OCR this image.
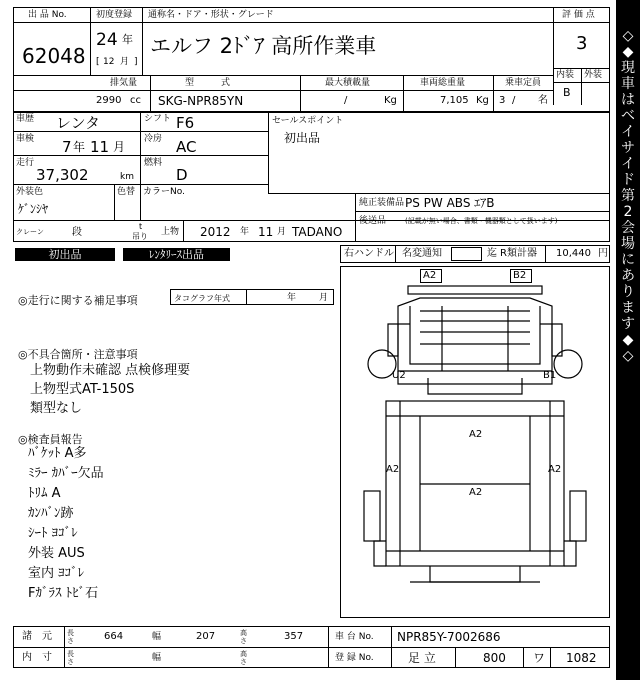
出 品 No.
62048
初度登録
24 年
[ 12 月 ]
通称名・ドア・形状・グレード
エルフ 2ﾄﾞｱ 高所作業車
評 価 点
3
内装 外装
B
排気量
2990 cc
型　　　式
SKG-NPR85YN
最大積載量
/	Kg
車両総重量
7,105 Kg
乗車定員
3 / 名
車歴 レンタ	シフト F6
車検 7 年 11 月
冷房 AC
走行
37,302	km
燃料
D
外装色
ｹﾞﾝｼﾔ
色替 カラーNo.
セールスポイント
初出品
純正装備品 PS PW ABS ｴｱB
後送品	(記載が無い場合、書類・機器類として扱います)
クレーン	段
t
吊り 上物 2012 年 11 月 TADANO
初出品	ﾚﾝﾀﾘｰｽ出品	右ハンドル 名変通知	迄 R類計器 10,440 円
◎走行に関する補足事項	タコグラフ年式	年	月
◎不具合箇所・注意事項
上物動作未確認 点検修理要
上物型式AT-150S
類型なし
◎検査員報告
ﾊﾞｹｯﾄ A多
ﾐﾗｰ ｶﾊﾞｰ欠品
ﾄﾘﾑ A
ｶﾝﾊﾞﾝ跡
ｼｰﾄ ﾖｺﾞﾚ
外装 AUS
室内 ﾖｺﾞﾚ
Fｶﾞﾗｽ ﾄﾋﾞ石
A2	B2
U2	B1
A2
A2	A2
A2
諸　元 長さ	664	幅	207	高さ	357	車 台 No. NPR85Y-7002686
内　寸 長さ	幅	高さ	登 録 No.	足 立	800 ワ 1082
◇
◆
現
車
は
ベ
イ
サ
イ
ド
第
2
会
場
に
あ
り
ま
す
◆
◇
